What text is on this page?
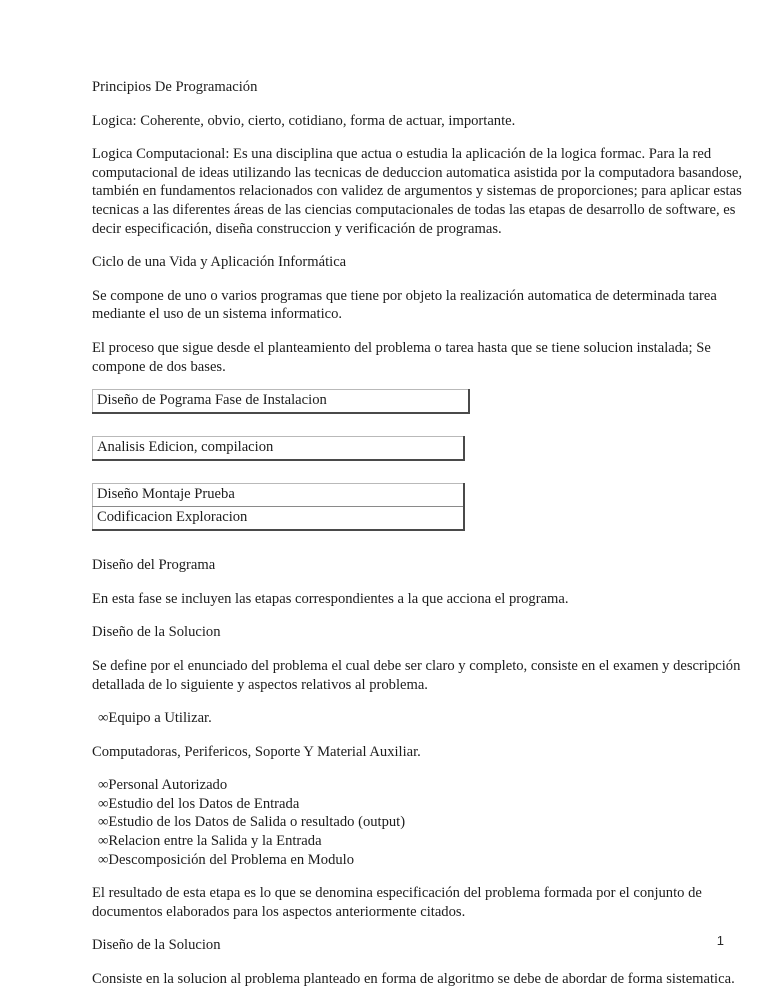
Principios De Programación

Logica: Coherente, obvio, cierto, cotidiano, forma de actuar, importante.

Logica Computacional: Es una disciplina que actua o estudia la aplicación de la logica formac. Para la red computacional de ideas utilizando las tecnicas de deduccion automatica asistida por la computadora basandose, también en fundamentos relacionados con validez de argumentos y sistemas de proporciones; para aplicar estas tecnicas a las diferentes áreas de las ciencias computacionales de todas las etapas de desarrollo de software, es decir especificación, diseña construccion y verificación de programas.

Ciclo de una Vida y Aplicación Informática

Se compone de uno o varios programas que tiene por objeto la realización automatica de determinada tarea mediante el uso de un sistema informatico.

El proceso que sigue desde el planteamiento del problema o tarea hasta que se tiene solucion instalada; Se compone de dos bases.

Diseño de Pograma Fase de Instalacion
Analisis Edicion, compilacion
Diseño Montaje Prueba
Codificacion Exploracion

Diseño del Programa

En esta fase se incluyen las etapas correspondientes a la que acciona el programa.

Diseño de la Solucion

Se define por el enunciado del problema el cual debe ser claro y completo, consiste en el examen y descripción detallada de lo siguiente y aspectos relativos al problema.

∞Equipo a Utilizar.

Computadoras, Perifericos, Soporte Y Material Auxiliar.

∞Personal Autorizado

∞Estudio del los Datos de Entrada

∞Estudio de los Datos de Salida o resultado (output)

∞Relacion entre la Salida y la Entrada

∞Descomposición del Problema en Modulo

El resultado de esta etapa es lo que se denomina especificación del problema formada por el conjunto de documentos elaborados para los aspectos anteriormente citados.

Diseño de la Solucion

Consiste en la solucion al problema planteado en forma de algoritmo se debe de abordar de forma sistematica.

1
